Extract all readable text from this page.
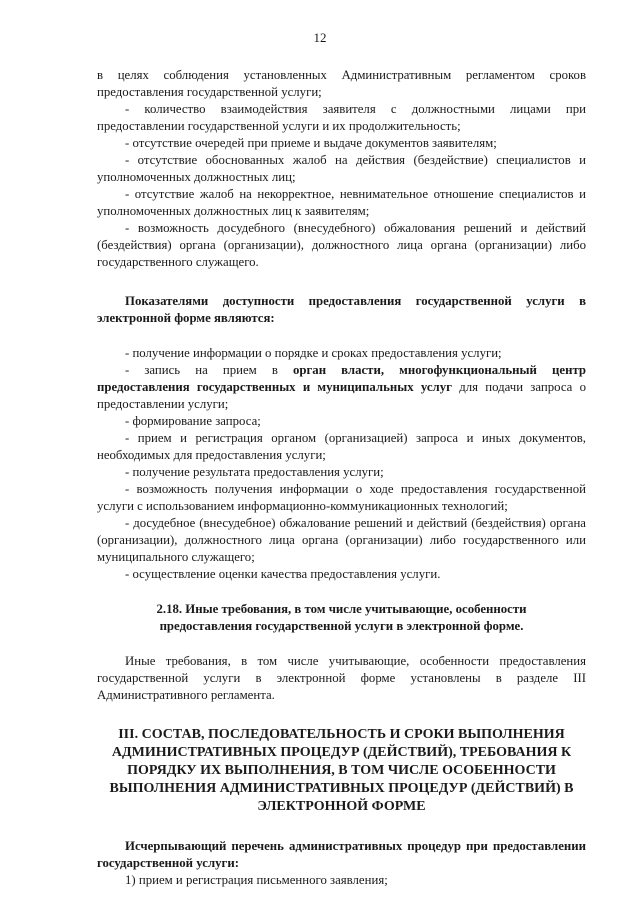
12

в целях соблюдения установленных Административным регламентом сроков предоставления государственной услуги;

- количество взаимодействия заявителя с должностными лицами при предоставлении государственной услуги и их продолжительность;

- отсутствие очередей при приеме и выдаче документов заявителям;

- отсутствие обоснованных жалоб на действия (бездействие) специалистов и уполномоченных должностных лиц;

- отсутствие жалоб на некорректное, невнимательное отношение специалистов и уполномоченных должностных лиц к заявителям;

- возможность досудебного (внесудебного) обжалования решений и действий (бездействия) органа (организации), должностного лица органа (организации) либо государственного служащего.

Показателями доступности предоставления государственной услуги в электронной форме являются:

- получение информации о порядке и сроках предоставления услуги;

- запись на прием в орган власти, многофункциональный центр предоставления государственных и муниципальных услуг для подачи запроса о предоставлении услуги;

- формирование запроса;

- прием и регистрация органом (организацией) запроса и иных документов, необходимых для предоставления услуги;

- получение результата предоставления услуги;

- возможность получения информации о ходе предоставления государственной услуги с использованием информационно-коммуникационных технологий;

- досудебное (внесудебное) обжалование решений и действий (бездействия) органа (организации), должностного лица органа (организации) либо государственного или муниципального служащего;

- осуществление оценки качества предоставления услуги.

2.18. Иные требования, в том числе учитывающие, особенности предоставления государственной услуги в электронной форме.

Иные требования, в том числе учитывающие, особенности предоставления государственной услуги в электронной форме установлены в разделе III Административного регламента.

III. СОСТАВ, ПОСЛЕДОВАТЕЛЬНОСТЬ И СРОКИ ВЫПОЛНЕНИЯ АДМИНИСТРАТИВНЫХ ПРОЦЕДУР (ДЕЙСТВИЙ), ТРЕБОВАНИЯ К ПОРЯДКУ ИХ ВЫПОЛНЕНИЯ, В ТОМ ЧИСЛЕ ОСОБЕННОСТИ ВЫПОЛНЕНИЯ АДМИНИСТРАТИВНЫХ ПРОЦЕДУР (ДЕЙСТВИЙ) В ЭЛЕКТРОННОЙ ФОРМЕ

Исчерпывающий перечень административных процедур при предоставлении государственной услуги:

1) прием и регистрация письменного заявления;
